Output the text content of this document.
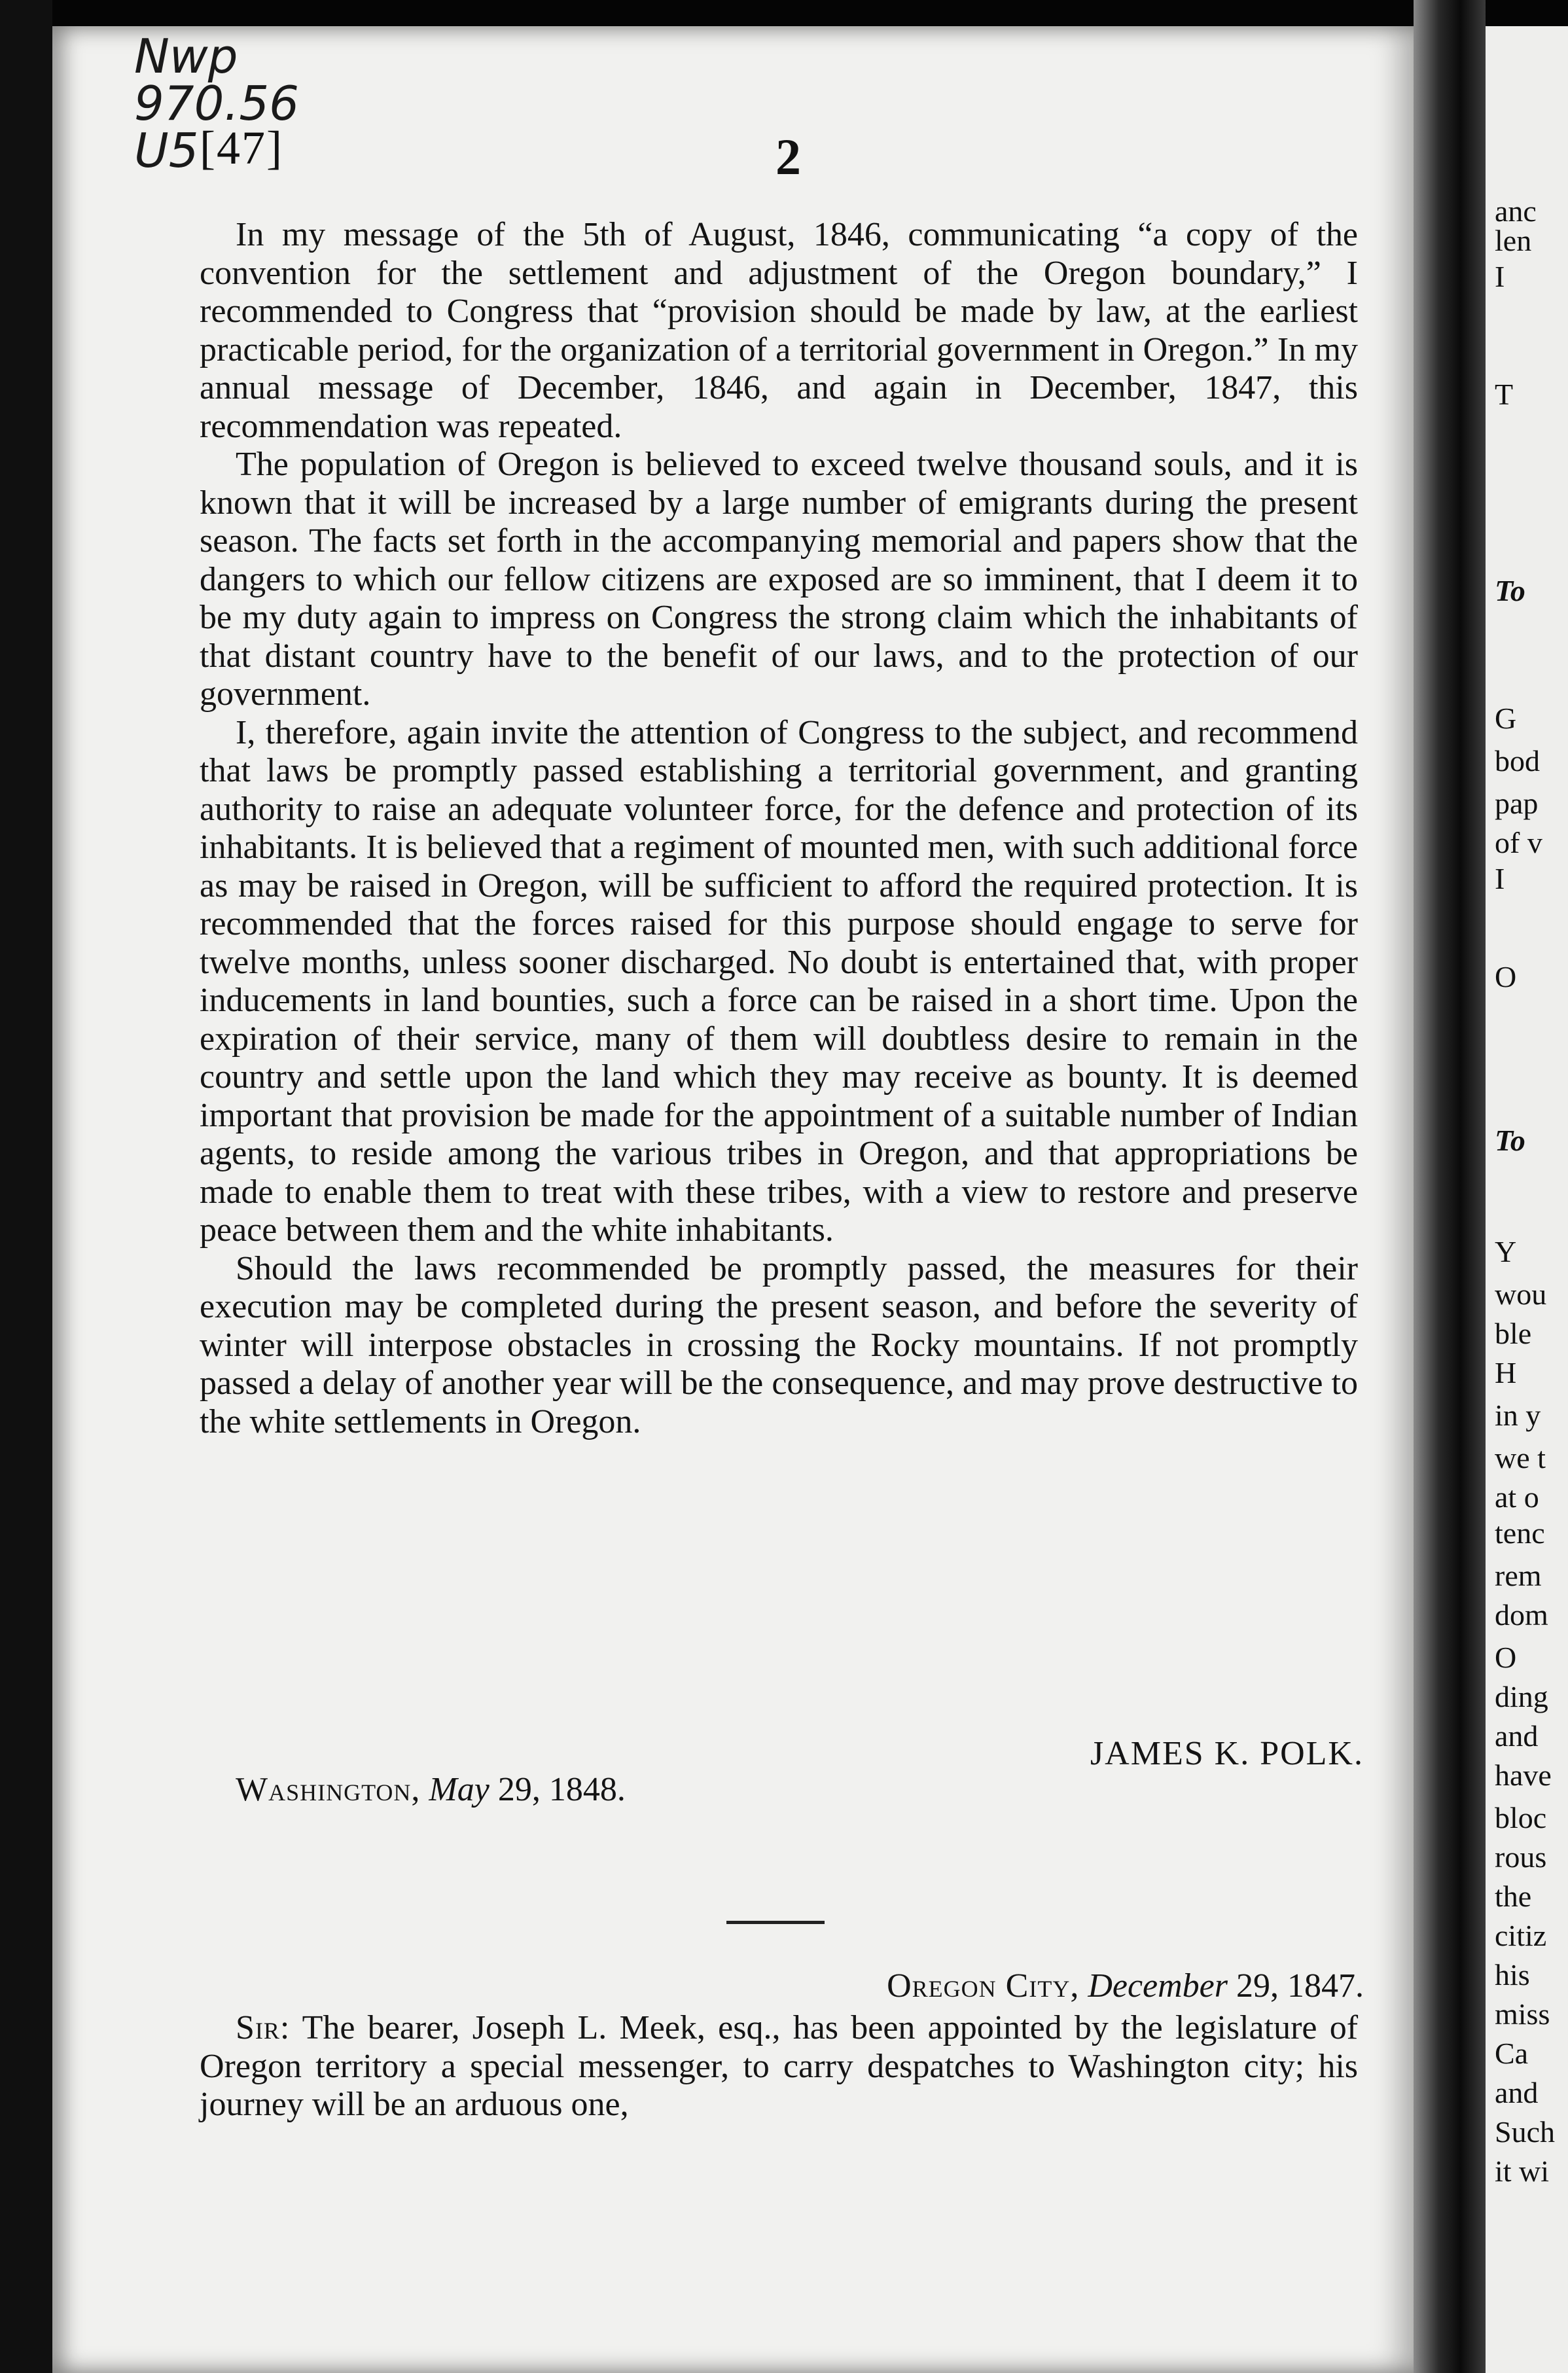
Nwp
970.56
U5 [47]	2

In my message of the 5th of August, 1846, communicating “a copy of the convention for the settlement and adjustment of the Oregon boundary,” I recommended to Congress that “provision should be made by law, at the earliest practicable period, for the organization of a territorial government in Oregon.” In my annual message of December, 1846, and again in December, 1847, this recommendation was repeated.

The population of Oregon is believed to exceed twelve thousand souls, and it is known that it will be increased by a large number of emigrants during the present season. The facts set forth in the accompanying memorial and papers show that the dangers to which our fellow citizens are exposed are so imminent, that I deem it to be my duty again to impress on Congress the strong claim which the inhabitants of that distant country have to the benefit of our laws, and to the protection of our government.

I, therefore, again invite the attention of Congress to the subject, and recommend that laws be promptly passed establishing a territorial government, and granting authority to raise an adequate volunteer force, for the defence and protection of its inhabitants. It is believed that a regiment of mounted men, with such additional force as may be raised in Oregon, will be sufficient to afford the required protection. It is recommended that the forces raised for this purpose should engage to serve for twelve months, unless sooner discharged. No doubt is entertained that, with proper inducements in land bounties, such a force can be raised in a short time. Upon the expiration of their service, many of them will doubtless desire to remain in the country and settle upon the land which they may receive as bounty. It is deemed important that provision be made for the appointment of a suitable number of Indian agents, to reside among the various tribes in Oregon, and that appropriations be made to enable them to treat with these tribes, with a view to restore and preserve peace between them and the white inhabitants.

Should the laws recommended be promptly passed, the measures for their execution may be completed during the present season, and before the severity of winter will interpose obstacles in crossing the Rocky mountains. If not promptly passed a delay of another year will be the consequence, and may prove destructive to the white settlements in Oregon.

JAMES K. POLK.
Washington, May 29, 1848.
Oregon City, December 29, 1847.

Sir: The bearer, Joseph L. Meek, esq., has been appointed by the legislature of Oregon territory a special messenger, to carry despatches to Washington city; his journey will be an arduous one,

anc
len
I
T
To
G
bod
pap
of v
I
O
To
Y
wou
ble
H
in y
we t
at o
tenc
rem
dom
O
ding
and
have
bloc
rous
the
citiz
his
miss
Ca
and
Such
it wi
